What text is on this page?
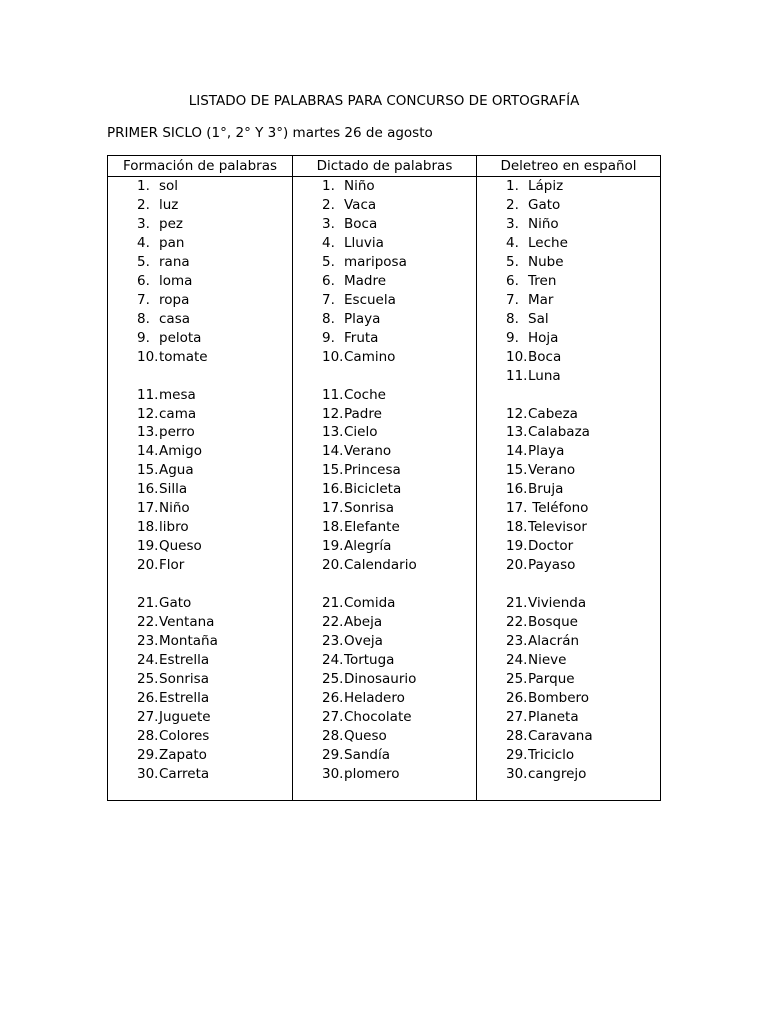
LISTADO DE PALABRAS PARA CONCURSO DE ORTOGRAFÍA
PRIMER SICLO (1°, 2° Y 3°) martes 26 de agosto
Formación de palabras	Dictado de palabras	Deletreo en español
1. sol
2. luz
3. pez
4. pan
5. rana
6. loma
7. ropa
8. casa
9. pelota
10.tomate
11.mesa
12.cama
13.perro
14.Amigo
15.Agua
16.Silla
17.Niño
18.libro
19.Queso
20.Flor
21.Gato
22.Ventana
23.Montaña
24.Estrella
25.Sonrisa
26.Estrella
27.Juguete
28.Colores
29.Zapato
30.Carreta
1. Niño
2. Vaca
3. Boca
4. Lluvia
5. mariposa
6. Madre
7. Escuela
8. Playa
9. Fruta
10.Camino
11.Coche
12.Padre
13.Cielo
14.Verano
15.Princesa
16.Bicicleta
17.Sonrisa
18.Elefante
19.Alegría
20.Calendario
21.Comida
22.Abeja
23.Oveja
24.Tortuga
25.Dinosaurio
26.Heladero
27.Chocolate
28.Queso
29.Sandía
30.plomero
1. Lápiz
2. Gato
3. Niño
4. Leche
5. Nube
6. Tren
7. Mar
8. Sal
9. Hoja
10.Boca
11.Luna
12.Cabeza
13.Calabaza
14.Playa
15.Verano
16.Bruja
17. Teléfono
18.Televisor
19.Doctor
20.Payaso
21.Vivienda
22.Bosque
23.Alacrán
24.Nieve
25.Parque
26.Bombero
27.Planeta
28.Caravana
29.Triciclo
30.cangrejo
